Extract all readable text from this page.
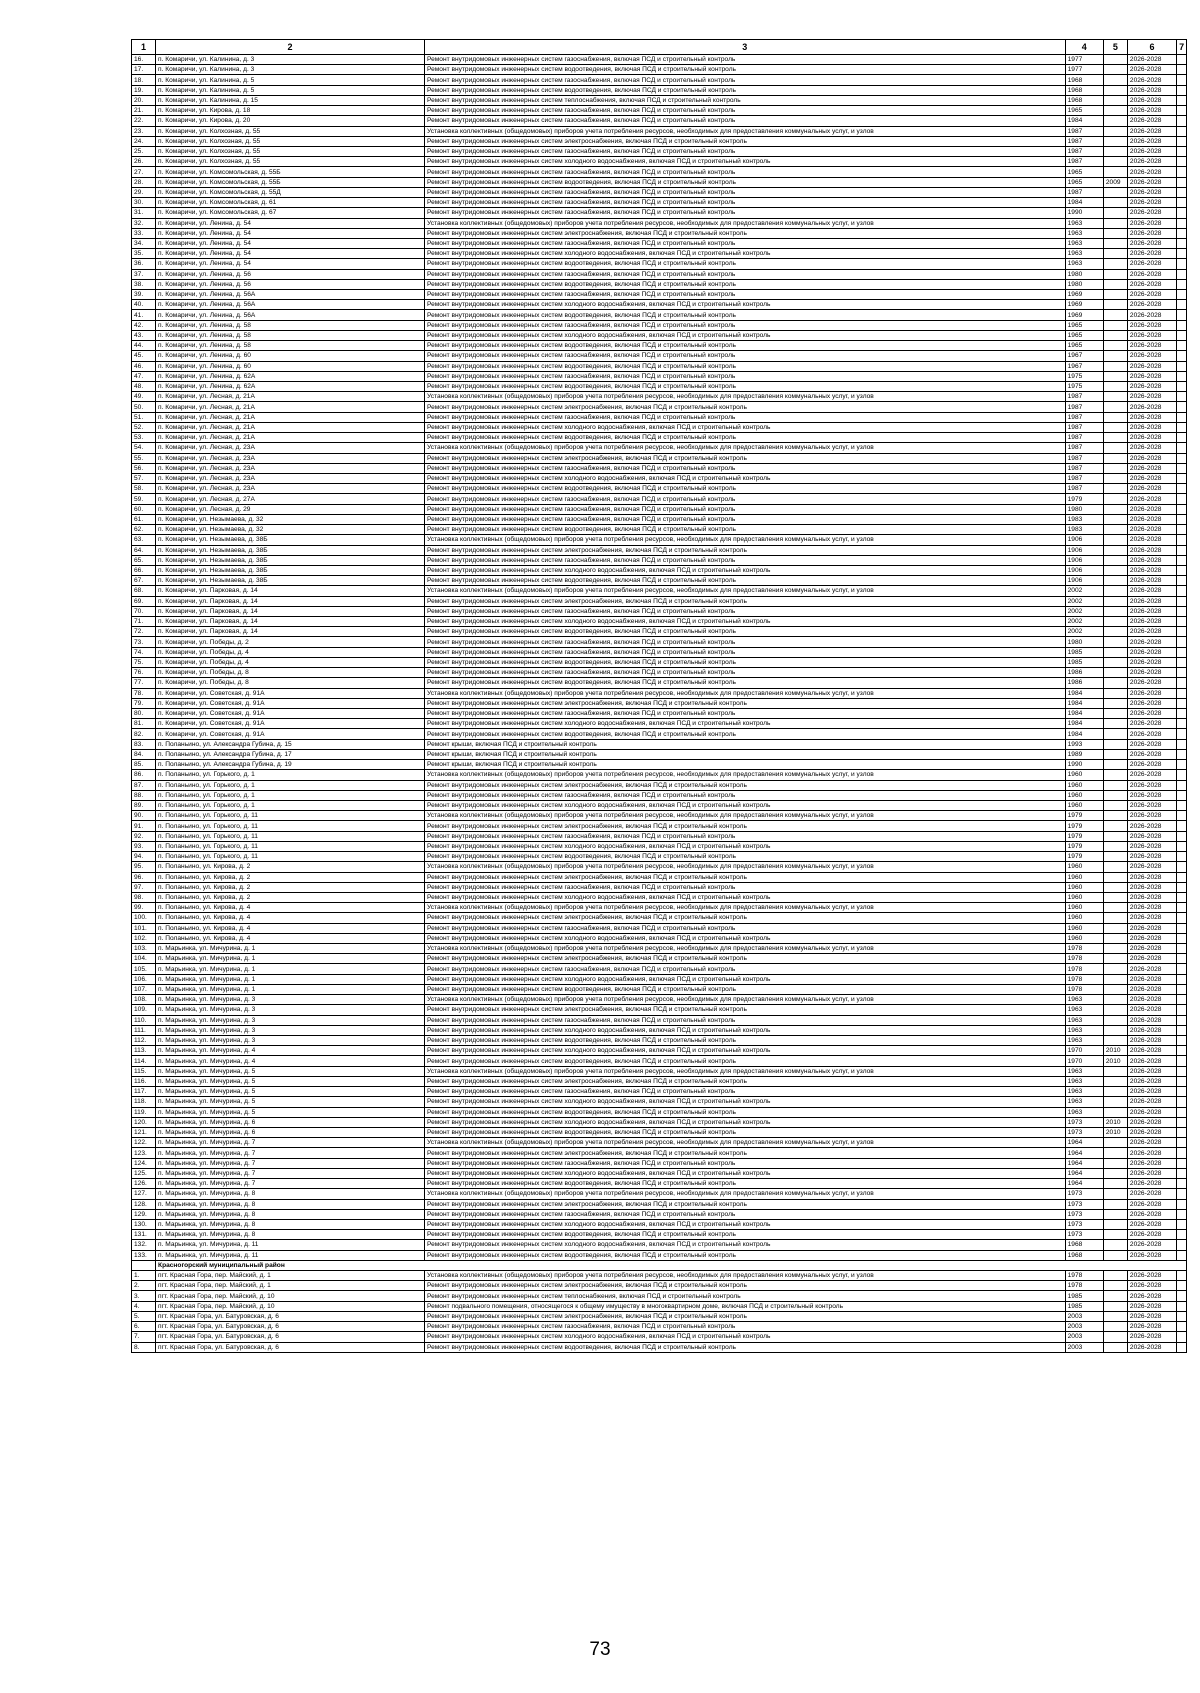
1	2	3	4	5	6	7
16.	п. Комаричи, ул. Калинина, д. 3	Ремонт внутридомовых инженерных систем газоснабжения, включая ПСД и строительный контроль	1977		2026-2028	
17.	п. Комаричи, ул. Калинина, д. 3	Ремонт внутридомовых инженерных систем водоотведения, включая ПСД и строительный контроль	1977		2026-2028	
18.	п. Комаричи, ул. Калинина, д. 5	Ремонт внутридомовых инженерных систем газоснабжения, включая ПСД и строительный контроль	1968		2026-2028	
19.	п. Комаричи, ул. Калинина, д. 5	Ремонт внутридомовых инженерных систем водоотведения, включая ПСД и строительный контроль	1968		2026-2028	
20.	п. Комаричи, ул. Калинина, д. 15	Ремонт внутридомовых инженерных систем теплоснабжения, включая ПСД и строительный контроль	1968		2026-2028	
21.	п. Комаричи, ул. Кирова, д. 18	Ремонт внутридомовых инженерных систем газоснабжения, включая ПСД и строительный контроль	1965		2026-2028	
22.	п. Комаричи, ул. Кирова, д. 20	Ремонт внутридомовых инженерных систем газоснабжения, включая ПСД и строительный контроль	1984		2026-2028	
23.	п. Комаричи, ул. Колхозная, д. 55	Установка коллективных (общедомовых) приборов учета потребления ресурсов, необходимых для предоставления коммунальных услуг, и узлов	1987		2026-2028	
24.	п. Комаричи, ул. Колхозная, д. 55	Ремонт внутридомовых инженерных систем электроснабжения, включая ПСД и строительный контроль	1987		2026-2028	
25.	п. Комаричи, ул. Колхозная, д. 55	Ремонт внутридомовых инженерных систем газоснабжения, включая ПСД и строительный контроль	1987		2026-2028	
26.	п. Комаричи, ул. Колхозная, д. 55	Ремонт внутридомовых инженерных систем холодного водоснабжения, включая ПСД и строительный контроль	1987		2026-2028	
27.	п. Комаричи, ул. Комсомольская, д. 55Б	Ремонт внутридомовых инженерных систем газоснабжения, включая ПСД и строительный контроль	1965		2026-2028	
28.	п. Комаричи, ул. Комсомольская, д. 55Б	Ремонт внутридомовых инженерных систем водоотведения, включая ПСД и строительный контроль	1965	2009	2026-2028	
29.	п. Комаричи, ул. Комсомольская, д. 55Д	Ремонт внутридомовых инженерных систем газоснабжения, включая ПСД и строительный контроль	1987		2026-2028	
30.	п. Комаричи, ул. Комсомольская, д. 61	Ремонт внутридомовых инженерных систем газоснабжения, включая ПСД и строительный контроль	1984		2026-2028	
31.	п. Комаричи, ул. Комсомольская, д. 67	Ремонт внутридомовых инженерных систем газоснабжения, включая ПСД и строительный контроль	1990		2026-2028	
32.	п. Комаричи, ул. Ленина, д. 54	Установка коллективных (общедомовых) приборов учета потребления ресурсов, необходимых для предоставления коммунальных услуг, и узлов	1963		2026-2028	
33.	п. Комаричи, ул. Ленина, д. 54	Ремонт внутридомовых инженерных систем электроснабжения, включая ПСД и строительный контроль	1963		2026-2028	
34.	п. Комаричи, ул. Ленина, д. 54	Ремонт внутридомовых инженерных систем газоснабжения, включая ПСД и строительный контроль	1963		2026-2028	
35.	п. Комаричи, ул. Ленина, д. 54	Ремонт внутридомовых инженерных систем холодного водоснабжения, включая ПСД и строительный контроль	1963		2026-2028	
36.	п. Комаричи, ул. Ленина, д. 54	Ремонт внутридомовых инженерных систем водоотведения, включая ПСД и строительный контроль	1963		2026-2028	
37.	п. Комаричи, ул. Ленина, д. 56	Ремонт внутридомовых инженерных систем газоснабжения, включая ПСД и строительный контроль	1980		2026-2028	
38.	п. Комаричи, ул. Ленина, д. 56	Ремонт внутридомовых инженерных систем водоотведения, включая ПСД и строительный контроль	1980		2026-2028	
39.	п. Комаричи, ул. Ленина, д. 56А	Ремонт внутридомовых инженерных систем газоснабжения, включая ПСД и строительный контроль	1969		2026-2028	
40.	п. Комаричи, ул. Ленина, д. 56А	Ремонт внутридомовых инженерных систем холодного водоснабжения, включая ПСД и строительный контроль	1969		2026-2028	
41.	п. Комаричи, ул. Ленина, д. 56А	Ремонт внутридомовых инженерных систем водоотведения, включая ПСД и строительный контроль	1969		2026-2028	
42.	п. Комаричи, ул. Ленина, д. 58	Ремонт внутридомовых инженерных систем газоснабжения, включая ПСД и строительный контроль	1965		2026-2028	
43.	п. Комаричи, ул. Ленина, д. 58	Ремонт внутридомовых инженерных систем холодного водоснабжения, включая ПСД и строительный контроль	1965		2026-2028	
44.	п. Комаричи, ул. Ленина, д. 58	Ремонт внутридомовых инженерных систем водоотведения, включая ПСД и строительный контроль	1965		2026-2028	
45.	п. Комаричи, ул. Ленина, д. 60	Ремонт внутридомовых инженерных систем газоснабжения, включая ПСД и строительный контроль	1967		2026-2028	
46.	п. Комаричи, ул. Ленина, д. 60	Ремонт внутридомовых инженерных систем водоотведения, включая ПСД и строительный контроль	1967		2026-2028	
47.	п. Комаричи, ул. Ленина, д. 62А	Ремонт внутридомовых инженерных систем газоснабжения, включая ПСД и строительный контроль	1975		2026-2028	
48.	п. Комаричи, ул. Ленина, д. 62А	Ремонт внутридомовых инженерных систем водоотведения, включая ПСД и строительный контроль	1975		2026-2028	
49.	п. Комаричи, ул. Лесная, д. 21А	Установка коллективных (общедомовых) приборов учета потребления ресурсов, необходимых для предоставления коммунальных услуг, и узлов	1987		2026-2028	
50.	п. Комаричи, ул. Лесная, д. 21А	Ремонт внутридомовых инженерных систем электроснабжения, включая ПСД и строительный контроль	1987		2026-2028	
51.	п. Комаричи, ул. Лесная, д. 21А	Ремонт внутридомовых инженерных систем газоснабжения, включая ПСД и строительный контроль	1987		2026-2028	
52.	п. Комаричи, ул. Лесная, д. 21А	Ремонт внутридомовых инженерных систем холодного водоснабжения, включая ПСД и строительный контроль	1987		2026-2028	
53.	п. Комаричи, ул. Лесная, д. 21А	Ремонт внутридомовых инженерных систем водоотведения, включая ПСД и строительный контроль	1987		2026-2028	
54.	п. Комаричи, ул. Лесная, д. 23А	Установка коллективных (общедомовых) приборов учета потребления ресурсов, необходимых для предоставления коммунальных услуг, и узлов	1987		2026-2028	
55.	п. Комаричи, ул. Лесная, д. 23А	Ремонт внутридомовых инженерных систем электроснабжения, включая ПСД и строительный контроль	1987		2026-2028	
56.	п. Комаричи, ул. Лесная, д. 23А	Ремонт внутридомовых инженерных систем газоснабжения, включая ПСД и строительный контроль	1987		2026-2028	
57.	п. Комаричи, ул. Лесная, д. 23А	Ремонт внутридомовых инженерных систем холодного водоснабжения, включая ПСД и строительный контроль	1987		2026-2028	
58.	п. Комаричи, ул. Лесная, д. 23А	Ремонт внутридомовых инженерных систем водоотведения, включая ПСД и строительный контроль	1987		2026-2028	
59.	п. Комаричи, ул. Лесная, д. 27А	Ремонт внутридомовых инженерных систем газоснабжения, включая ПСД и строительный контроль	1979		2026-2028	
60.	п. Комаричи, ул. Лесная, д. 29	Ремонт внутридомовых инженерных систем газоснабжения, включая ПСД и строительный контроль	1980		2026-2028	
61.	п. Комаричи, ул. Незымаева, д. 32	Ремонт внутридомовых инженерных систем газоснабжения, включая ПСД и строительный контроль	1983		2026-2028	
62.	п. Комаричи, ул. Незымаева, д. 32	Ремонт внутридомовых инженерных систем водоотведения, включая ПСД и строительный контроль	1983		2026-2028	
63.	п. Комаричи, ул. Незымаева, д. 38Б	Установка коллективных (общедомовых) приборов учета потребления ресурсов, необходимых для предоставления коммунальных услуг, и узлов	1906		2026-2028	
64.	п. Комаричи, ул. Незымаева, д. 38Б	Ремонт внутридомовых инженерных систем электроснабжения, включая ПСД и строительный контроль	1906		2026-2028	
65.	п. Комаричи, ул. Незымаева, д. 38Б	Ремонт внутридомовых инженерных систем газоснабжения, включая ПСД и строительный контроль	1906		2026-2028	
66.	п. Комаричи, ул. Незымаева, д. 38Б	Ремонт внутридомовых инженерных систем холодного водоснабжения, включая ПСД и строительный контроль	1906		2026-2028	
67.	п. Комаричи, ул. Незымаева, д. 38Б	Ремонт внутридомовых инженерных систем водоотведения, включая ПСД и строительный контроль	1906		2026-2028	
68.	п. Комаричи, ул. Парковая, д. 14	Установка коллективных (общедомовых) приборов учета потребления ресурсов, необходимых для предоставления коммунальных услуг, и узлов	2002		2026-2028	
69.	п. Комаричи, ул. Парковая, д. 14	Ремонт внутридомовых инженерных систем электроснабжения, включая ПСД и строительный контроль	2002		2026-2028	
70.	п. Комаричи, ул. Парковая, д. 14	Ремонт внутридомовых инженерных систем газоснабжения, включая ПСД и строительный контроль	2002		2026-2028	
71.	п. Комаричи, ул. Парковая, д. 14	Ремонт внутридомовых инженерных систем холодного водоснабжения, включая ПСД и строительный контроль	2002		2026-2028	
72.	п. Комаричи, ул. Парковая, д. 14	Ремонт внутридомовых инженерных систем водоотведения, включая ПСД и строительный контроль	2002		2026-2028	
73.	п. Комаричи, ул. Победы, д. 2	Ремонт внутридомовых инженерных систем газоснабжения, включая ПСД и строительный контроль	1980		2026-2028	
74.	п. Комаричи, ул. Победы, д. 4	Ремонт внутридомовых инженерных систем газоснабжения, включая ПСД и строительный контроль	1985		2026-2028	
75.	п. Комаричи, ул. Победы, д. 4	Ремонт внутридомовых инженерных систем водоотведения, включая ПСД и строительный контроль	1985		2026-2028	
76.	п. Комаричи, ул. Победы, д. 8	Ремонт внутридомовых инженерных систем газоснабжения, включая ПСД и строительный контроль	1986		2026-2028	
77.	п. Комаричи, ул. Победы, д. 8	Ремонт внутридомовых инженерных систем водоотведения, включая ПСД и строительный контроль	1986		2026-2028	
78.	п. Комаричи, ул. Советская, д. 91А	Установка коллективных (общедомовых) приборов учета потребления ресурсов, необходимых для предоставления коммунальных услуг, и узлов	1984		2026-2028	
79.	п. Комаричи, ул. Советская, д. 91А	Ремонт внутридомовых инженерных систем электроснабжения, включая ПСД и строительный контроль	1984		2026-2028	
80.	п. Комаричи, ул. Советская, д. 91А	Ремонт внутридомовых инженерных систем газоснабжения, включая ПСД и строительный контроль	1984		2026-2028	
81.	п. Комаричи, ул. Советская, д. 91А	Ремонт внутридомовых инженерных систем холодного водоснабжения, включая ПСД и строительный контроль	1984		2026-2028	
82.	п. Комаричи, ул. Советская, д. 91А	Ремонт внутридомовых инженерных систем водоотведения, включая ПСД и строительный контроль	1984		2026-2028	
83.	п. Поланьино, ул. Александра Губина, д. 15	Ремонт крыши, включая ПСД и строительный контроль	1993		2026-2028	
84.	п. Поланьино, ул. Александра Губина, д. 17	Ремонт крыши, включая ПСД и строительный контроль	1989		2026-2028	
85.	п. Поланьино, ул. Александра Губина, д. 19	Ремонт крыши, включая ПСД и строительный контроль	1990		2026-2028	
86.	п. Поланьино, ул. Горького, д. 1	Установка коллективных (общедомовых) приборов учета потребления ресурсов, необходимых для предоставления коммунальных услуг, и узлов	1960		2026-2028	
87.	п. Поланьино, ул. Горького, д. 1	Ремонт внутридомовых инженерных систем электроснабжения, включая ПСД и строительный контроль	1960		2026-2028	
88.	п. Поланьино, ул. Горького, д. 1	Ремонт внутридомовых инженерных систем газоснабжения, включая ПСД и строительный контроль	1960		2026-2028	
89.	п. Поланьино, ул. Горького, д. 1	Ремонт внутридомовых инженерных систем холодного водоснабжения, включая ПСД и строительный контроль	1960		2026-2028	
90.	п. Поланьино, ул. Горького, д. 11	Установка коллективных (общедомовых) приборов учета потребления ресурсов, необходимых для предоставления коммунальных услуг, и узлов	1979		2026-2028	
91.	п. Поланьино, ул. Горького, д. 11	Ремонт внутридомовых инженерных систем электроснабжения, включая ПСД и строительный контроль	1979		2026-2028	
92.	п. Поланьино, ул. Горького, д. 11	Ремонт внутридомовых инженерных систем газоснабжения, включая ПСД и строительный контроль	1979		2026-2028	
93.	п. Поланьино, ул. Горького, д. 11	Ремонт внутридомовых инженерных систем холодного водоснабжения, включая ПСД и строительный контроль	1979		2026-2028	
94.	п. Поланьино, ул. Горького, д. 11	Ремонт внутридомовых инженерных систем водоотведения, включая ПСД и строительный контроль	1979		2026-2028	
95.	п. Поланьино, ул. Кирова, д. 2	Установка коллективных (общедомовых) приборов учета потребления ресурсов, необходимых для предоставления коммунальных услуг, и узлов	1960		2026-2028	
96.	п. Поланьино, ул. Кирова, д. 2	Ремонт внутридомовых инженерных систем электроснабжения, включая ПСД и строительный контроль	1960		2026-2028	
97.	п. Поланьино, ул. Кирова, д. 2	Ремонт внутридомовых инженерных систем газоснабжения, включая ПСД и строительный контроль	1960		2026-2028	
98.	п. Поланьино, ул. Кирова, д. 2	Ремонт внутридомовых инженерных систем холодного водоснабжения, включая ПСД и строительный контроль	1960		2026-2028	
99.	п. Поланьино, ул. Кирова, д. 4	Установка коллективных (общедомовых) приборов учета потребления ресурсов, необходимых для предоставления коммунальных услуг, и узлов	1960		2026-2028	
100.	п. Поланьино, ул. Кирова, д. 4	Ремонт внутридомовых инженерных систем электроснабжения, включая ПСД и строительный контроль	1960		2026-2028	
101.	п. Поланьино, ул. Кирова, д. 4	Ремонт внутридомовых инженерных систем газоснабжения, включая ПСД и строительный контроль	1960		2026-2028	
102.	п. Поланьино, ул. Кирова, д. 4	Ремонт внутридомовых инженерных систем холодного водоснабжения, включая ПСД и строительный контроль	1960		2026-2028	
103.	п. Марьинка, ул. Мичурина, д. 1	Установка коллективных (общедомовых) приборов учета потребления ресурсов, необходимых для предоставления коммунальных услуг, и узлов	1978		2026-2028	
104.	п. Марьинка, ул. Мичурина, д. 1	Ремонт внутридомовых инженерных систем электроснабжения, включая ПСД и строительный контроль	1978		2026-2028	
105.	п. Марьинка, ул. Мичурина, д. 1	Ремонт внутридомовых инженерных систем газоснабжения, включая ПСД и строительный контроль	1978		2026-2028	
106.	п. Марьинка, ул. Мичурина, д. 1	Ремонт внутридомовых инженерных систем холодного водоснабжения, включая ПСД и строительный контроль	1978		2026-2028	
107.	п. Марьинка, ул. Мичурина, д. 1	Ремонт внутридомовых инженерных систем водоотведения, включая ПСД и строительный контроль	1978		2026-2028	
108.	п. Марьинка, ул. Мичурина, д. 3	Установка коллективных (общедомовых) приборов учета потребления ресурсов, необходимых для предоставления коммунальных услуг, и узлов	1963		2026-2028	
109.	п. Марьинка, ул. Мичурина, д. 3	Ремонт внутридомовых инженерных систем электроснабжения, включая ПСД и строительный контроль	1963		2026-2028	
110.	п. Марьинка, ул. Мичурина, д. 3	Ремонт внутридомовых инженерных систем газоснабжения, включая ПСД и строительный контроль	1963		2026-2028	
111.	п. Марьинка, ул. Мичурина, д. 3	Ремонт внутридомовых инженерных систем холодного водоснабжения, включая ПСД и строительный контроль	1963		2026-2028	
112.	п. Марьинка, ул. Мичурина, д. 3	Ремонт внутридомовых инженерных систем водоотведения, включая ПСД и строительный контроль	1963		2026-2028	
113.	п. Марьинка, ул. Мичурина, д. 4	Ремонт внутридомовых инженерных систем холодного водоснабжения, включая ПСД и строительный контроль	1970	2010	2026-2028	
114.	п. Марьинка, ул. Мичурина, д. 4	Ремонт внутридомовых инженерных систем водоотведения, включая ПСД и строительный контроль	1970	2010	2026-2028	
115.	п. Марьинка, ул. Мичурина, д. 5	Установка коллективных (общедомовых) приборов учета потребления ресурсов, необходимых для предоставления коммунальных услуг, и узлов	1963		2026-2028	
116.	п. Марьинка, ул. Мичурина, д. 5	Ремонт внутридомовых инженерных систем электроснабжения, включая ПСД и строительный контроль	1963		2026-2028	
117.	п. Марьинка, ул. Мичурина, д. 5	Ремонт внутридомовых инженерных систем газоснабжения, включая ПСД и строительный контроль	1963		2026-2028	
118.	п. Марьинка, ул. Мичурина, д. 5	Ремонт внутридомовых инженерных систем холодного водоснабжения, включая ПСД и строительный контроль	1963		2026-2028	
119.	п. Марьинка, ул. Мичурина, д. 5	Ремонт внутридомовых инженерных систем водоотведения, включая ПСД и строительный контроль	1963		2026-2028	
120.	п. Марьинка, ул. Мичурина, д. 6	Ремонт внутридомовых инженерных систем холодного водоснабжения, включая ПСД и строительный контроль	1973	2010	2026-2028	
121.	п. Марьинка, ул. Мичурина, д. 6	Ремонт внутридомовых инженерных систем водоотведения, включая ПСД и строительный контроль	1973	2010	2026-2028	
122.	п. Марьинка, ул. Мичурина, д. 7	Установка коллективных (общедомовых) приборов учета потребления ресурсов, необходимых для предоставления коммунальных услуг, и узлов	1964		2026-2028	
123.	п. Марьинка, ул. Мичурина, д. 7	Ремонт внутридомовых инженерных систем электроснабжения, включая ПСД и строительный контроль	1964		2026-2028	
124.	п. Марьинка, ул. Мичурина, д. 7	Ремонт внутридомовых инженерных систем газоснабжения, включая ПСД и строительный контроль	1964		2026-2028	
125.	п. Марьинка, ул. Мичурина, д. 7	Ремонт внутридомовых инженерных систем холодного водоснабжения, включая ПСД и строительный контроль	1964		2026-2028	
126.	п. Марьинка, ул. Мичурина, д. 7	Ремонт внутридомовых инженерных систем водоотведения, включая ПСД и строительный контроль	1964		2026-2028	
127.	п. Марьинка, ул. Мичурина, д. 8	Установка коллективных (общедомовых) приборов учета потребления ресурсов, необходимых для предоставления коммунальных услуг, и узлов	1973		2026-2028	
128.	п. Марьинка, ул. Мичурина, д. 8	Ремонт внутридомовых инженерных систем электроснабжения, включая ПСД и строительный контроль	1973		2026-2028	
129.	п. Марьинка, ул. Мичурина, д. 8	Ремонт внутридомовых инженерных систем газоснабжения, включая ПСД и строительный контроль	1973		2026-2028	
130.	п. Марьинка, ул. Мичурина, д. 8	Ремонт внутридомовых инженерных систем холодного водоснабжения, включая ПСД и строительный контроль	1973		2026-2028	
131.	п. Марьинка, ул. Мичурина, д. 8	Ремонт внутридомовых инженерных систем водоотведения, включая ПСД и строительный контроль	1973		2026-2028	
132.	п. Марьинка, ул. Мичурина, д. 11	Ремонт внутридомовых инженерных систем холодного водоснабжения, включая ПСД и строительный контроль	1968		2026-2028	
133.	п. Марьинка, ул. Мичурина, д. 11	Ремонт внутридомовых инженерных систем водоотведения, включая ПСД и строительный контроль	1968		2026-2028	
	Красногорский муниципальный район					
1.	пгт. Красная Гора, пер. Майский, д. 1	Установка коллективных (общедомовых) приборов учета потребления ресурсов, необходимых для предоставления коммунальных услуг, и узлов	1978		2026-2028	
2.	пгт. Красная Гора, пер. Майский, д. 1	Ремонт внутридомовых инженерных систем электроснабжения, включая ПСД и строительный контроль	1978		2026-2028	
3.	пгт. Красная Гора, пер. Майский, д. 10	Ремонт внутридомовых инженерных систем теплоснабжения, включая ПСД и строительный контроль	1985		2026-2028	
4.	пгт. Красная Гора, пер. Майский, д. 10	Ремонт подвального помещения, относящегося к общему имуществу в многоквартирном доме, включая ПСД и строительный контроль	1985		2026-2028	
5.	пгт. Красная Гора, ул. Батуровская, д. 6	Ремонт внутридомовых инженерных систем электроснабжения, включая ПСД и строительный контроль	2003		2026-2028	
6.	пгт. Красная Гора, ул. Батуровская, д. 6	Ремонт внутридомовых инженерных систем газоснабжения, включая ПСД и строительный контроль	2003		2026-2028	
7.	пгт. Красная Гора, ул. Батуровская, д. 6	Ремонт внутридомовых инженерных систем холодного водоснабжения, включая ПСД и строительный контроль	2003		2026-2028	
8.	пгт. Красная Гора, ул. Батуровская, д. 6	Ремонт внутридомовых инженерных систем водоотведения, включая ПСД и строительный контроль	2003		2026-2028	
73
